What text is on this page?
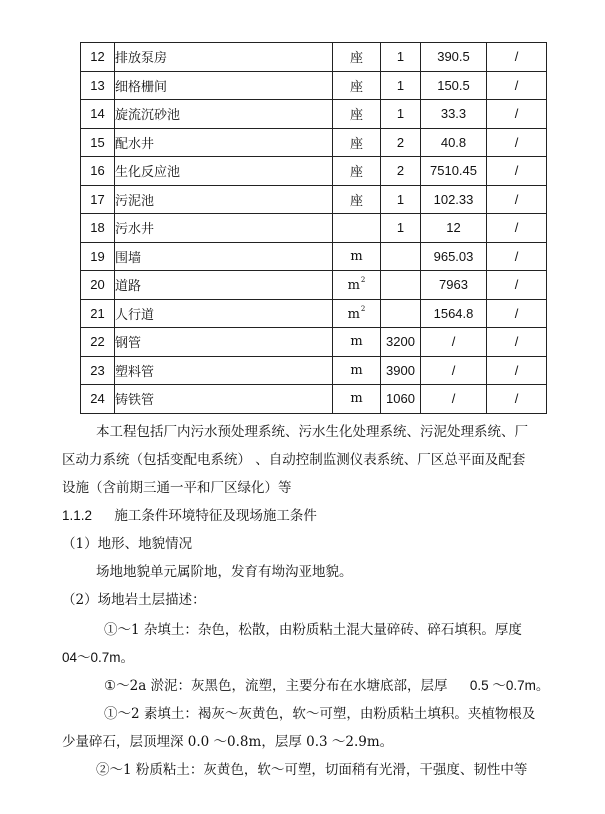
12	排放泵房	座	1	390.5	/
13	细格栅间	座	1	150.5	/
14	旋流沉砂池	座	1	33.3	/
15	配水井	座	2	40.8	/
16	生化反应池	座	2	7510.45	/
17	污泥池	座	1	102.33	/
18	污水井		1	12	/
19	围墙	m		965.03	/
20	道路	$m^2$		7963	/
21	人行道	$m^2$		1564.8	/
22	钢管	m	3200	/	/
23	塑料管	m	3900	/	/
24	铸铁管	m	1060	/	/
本工程包括厂内污水预处理系统、污水生化处理系统、污泥处理系统、厂
区动力系统（包括变配电系统） 、自动控制监测仪表系统、厂区总平面及配套
设施（含前期三通一平和厂区绿化）等
1.1.2 施工条件环境特征及现场施工条件
（1）地形、地貌情况
场地地貌单元属阶地，发育有坳沟亚地貌。
（2）场地岩土层描述：
①～1 杂填土：杂色，松散，由粉质粘土混大量碎砖、碎石填积。厚度
04～0.7m。
①～2a 淤泥：灰黑色，流塑，主要分布在水塘底部，层厚 0.5 ～0.7m。
①～2 素填土：褐灰～灰黄色，软～可塑，由粉质粘土填积。夹植物根及
少量碎石，层顶埋深 0.0 ～0.8m，层厚 0.3 ～2.9m。
②～1 粉质粘土：灰黄色，软～可塑，切面稍有光滑，干强度、韧性中等
